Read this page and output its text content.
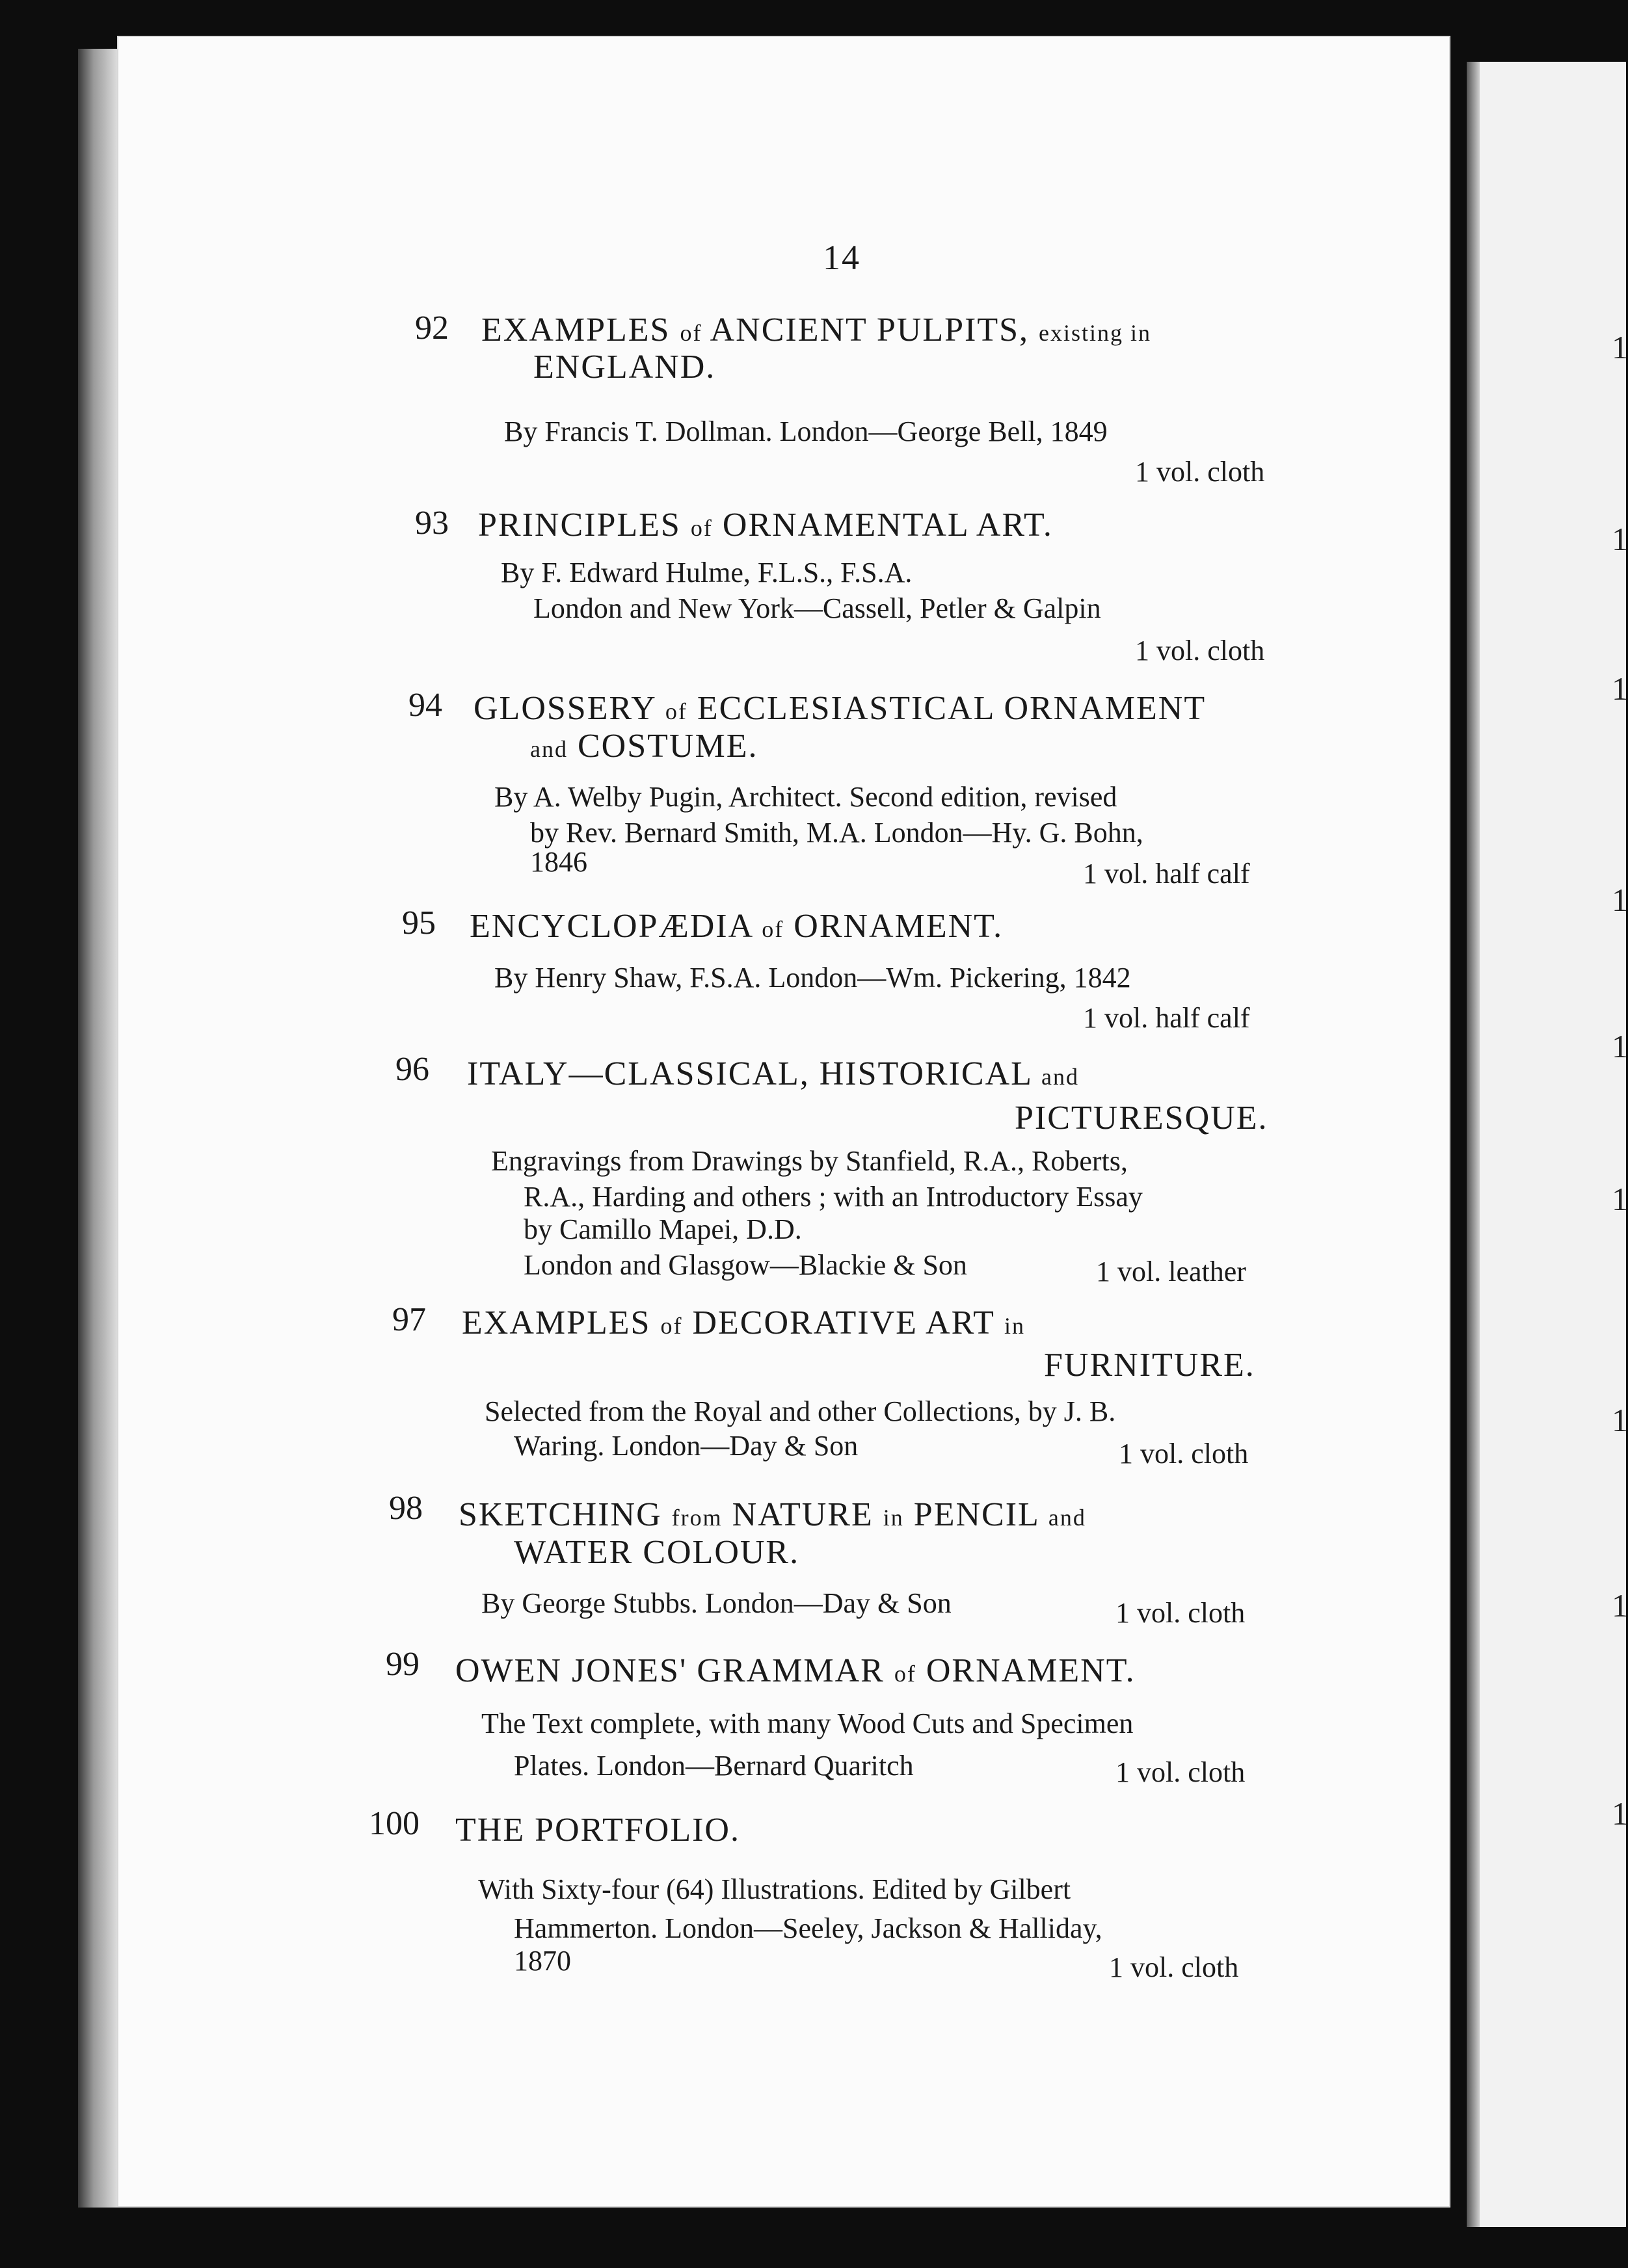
1
1
1
1
1
1
1
1
1
14
92 EXAMPLES of ANCIENT PULPITS, existing in
ENGLAND.
By Francis T. Dollman. London—George Bell, 1849
1 vol. cloth
93 PRINCIPLES of ORNAMENTAL ART.
By F. Edward Hulme, F.L.S., F.S.A.
London and New York—Cassell, Petler & Galpin
1 vol. cloth
94 GLOSSERY of ECCLESIASTICAL ORNAMENT
and COSTUME.
By A. Welby Pugin, Architect. Second edition, revised
by Rev. Bernard Smith, M.A. London—Hy. G. Bohn,
1846	1 vol. half calf
95 ENCYCLOPÆDIA of ORNAMENT.
By Henry Shaw, F.S.A. London—Wm. Pickering, 1842
1 vol. half calf
96 ITALY—CLASSICAL, HISTORICAL and
PICTURESQUE.
Engravings from Drawings by Stanfield, R.A., Roberts,
R.A., Harding and others ; with an Introductory Essay
by Camillo Mapei, D.D.
London and Glasgow—Blackie & Son	1 vol. leather
97 EXAMPLES of DECORATIVE ART in
FURNITURE.
Selected from the Royal and other Collections, by J. B.
Waring. London—Day & Son	1 vol. cloth
98 SKETCHING from NATURE in PENCIL and
WATER COLOUR.
By George Stubbs. London—Day & Son	1 vol. cloth
99 OWEN JONES' GRAMMAR of ORNAMENT.
The Text complete, with many Wood Cuts and Specimen
Plates. London—Bernard Quaritch	1 vol. cloth
100 THE PORTFOLIO.
With Sixty-four (64) Illustrations. Edited by Gilbert
Hammerton. London—Seeley, Jackson & Halliday,
1870	1 vol. cloth
